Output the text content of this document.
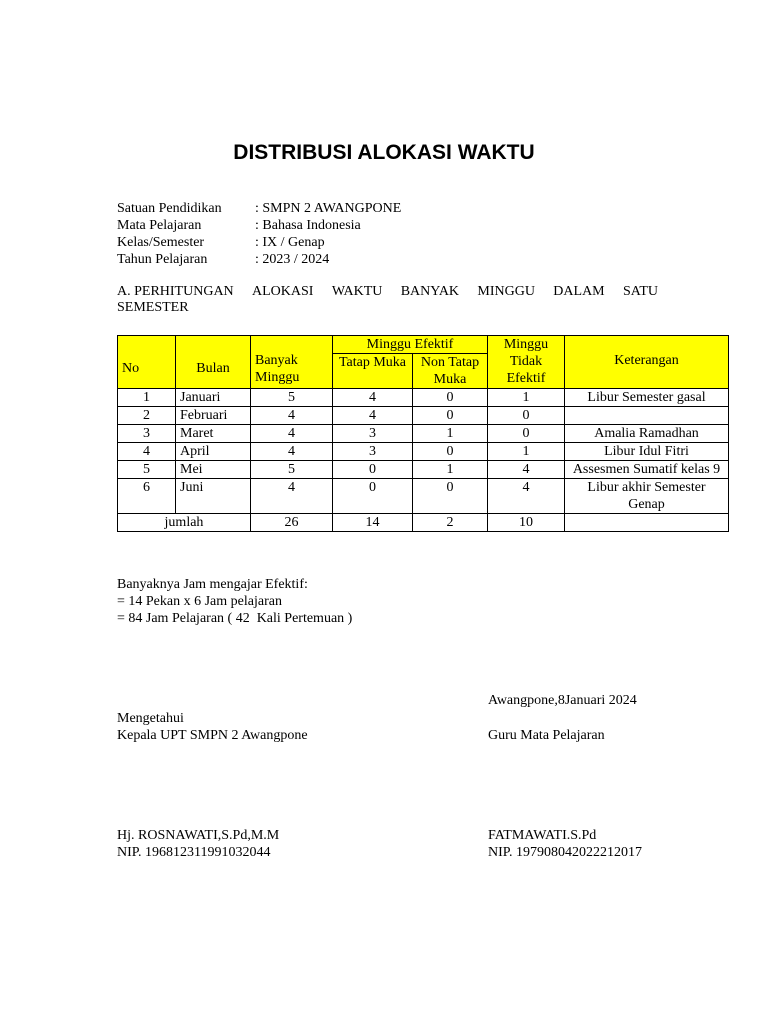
DISTRIBUSI ALOKASI WAKTU
Satuan Pendidikan	: SMPN 2 AWANGPONE
Mata Pelajaran	: Bahasa Indonesia
Kelas/Semester	: IX / Genap
Tahun Pelajaran	: 2023 / 2024
A. PERHITUNGAN ALOKASI WAKTU BANYAK MINGGU DALAM SATU
SEMESTER
No	Bulan	Banyak Minggu	Minggu Efektif		Minggu Tidak Efektif	Keterangan
			Tatap Muka	Non Tatap Muka		
1	Januari	5	4	0	1	Libur Semester gasal
2	Februari	4	4	0	0	
3	Maret	4	3	1	0	Amalia Ramadhan
4	April	4	3	0	1	Libur Idul Fitri
5	Mei	5	0	1	4	Assesmen Sumatif kelas 9
6	Juni	4	0	0	4	Libur akhir Semester Genap
jumlah		26	14	2	10	
Banyaknya Jam mengajar Efektif:
= 14 Pekan x 6 Jam pelajaran
= 84 Jam Pelajaran ( 42  Kali Pertemuan )
Awangpone,8Januari 2024
Mengetahui
Kepala UPT SMPN 2 Awangpone	Guru Mata Pelajaran
Hj. ROSNAWATI,S.Pd,M.M
NIP. 196812311991032044
FATMAWATI.S.Pd
NIP. 197908042022212017
